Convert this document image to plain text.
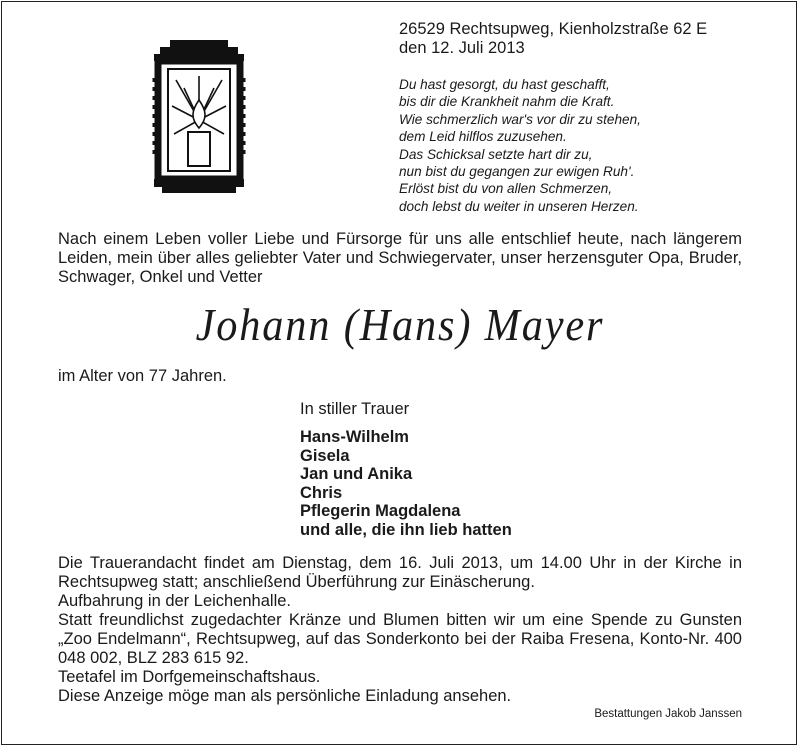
26529 Rechtsupweg, Kienholzstraße 62 E
den 12. Juli 2013
Du hast gesorgt, du hast geschafft,
bis dir die Krankheit nahm die Kraft.
Wie schmerzlich war's vor dir zu stehen,
dem Leid hilflos zuzusehen.
Das Schicksal setzte hart dir zu,
nun bist du gegangen zur ewigen Ruh'.
Erlöst bist du von allen Schmerzen,
doch lebst du weiter in unseren Herzen.
Nach einem Leben voller Liebe und Fürsorge für uns alle entschlief heute, nach längerem Leiden, mein über alles geliebter Vater und Schwiegervater, unser herzensguter Opa, Bruder, Schwager, Onkel und Vetter
Johann (Hans) Mayer
im Alter von 77 Jahren.
In stiller Trauer
Hans-Wilhelm
Gisela
Jan und Anika
Chris
Pflegerin Magdalena
und alle, die ihn lieb hatten
Die Trauerandacht findet am Dienstag, dem 16. Juli 2013, um 14.00 Uhr in der Kirche in Rechtsupweg statt; anschließend Überführung zur Einäscherung.
Aufbahrung in der Leichenhalle.
Statt freundlichst zugedachter Kränze und Blumen bitten wir um eine Spende zu Gunsten „Zoo Endelmann“, Rechtsupweg, auf das Sonderkonto bei der Raiba Fresena, Konto-Nr. 400 048 002, BLZ 283 615 92.
Teetafel im Dorfgemeinschaftshaus.
Diese Anzeige möge man als persönliche Einladung ansehen.
Bestattungen Jakob Janssen
